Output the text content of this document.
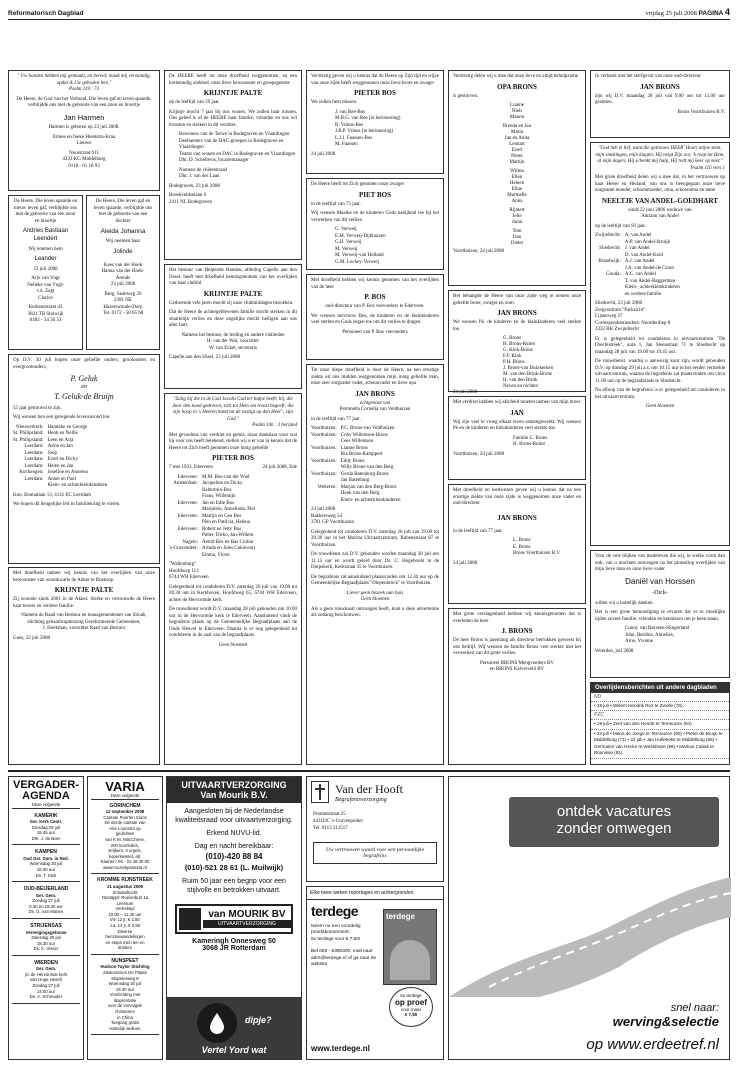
Reformatorisch Dagblad	vrijdag 25 juli 2008 PAGINA 4
" Uw handen hebben mij gemaakt, en bereid; maak mij verstandig, opdat ik Uw geboden lere."
Psalm 119 : 73
De Heere, de God van het Verbond, Die leven gaf en leven spaarde, verblijdde ons met de geboorte van een zoon en broertje
Jan Harmen
Harmen is geboren op 23 juli 2008.
Emiee en Ineke Hiemstra-Kraa
Lieuwe
Noorstraat 611
4333 KG Middelburg
0118 - 61 18 93
De Heere, Die leven spaarde en nieuw leven gaf, verblijdde ons met de geboorte van een zoon en broertje
Andries Bastiaan Leendert
Wij noemen hem
Leander
23 juli 2008
Arjo van Vugt
Nelleke van Vugt-
v.d. Zugt
Clarice
Kerkensstraat 43
3821 TB Stolwijk
0182 - 34 30 33
De Heere, Die leven gaf en leven spaarde, verblijdde ons met de geboorte van een dochter
Aleida Johanna
Wij noemen haar
Jolinde
Kees van der Hoek
Hanna van der Hoek-
Arends
23 juli 2008
Burg. Sealtweg 20
2391 NE
Hazerswoude-Dorp
Tel. 0172 - 58 65 68
Op D.V. 30 juli hopen onze geliefde ouders, grootouders en overgrootouders,
P. Geluk
en
T. Geluk-de Bruijn
55 jaar getrouwd te zijn.
Wij wensen hen een gezegende levensavond toe.
Nieuwerkerk:	Hanneke en George
St. Philipsland:	Henk en Nellie
St. Philipsland:	Leen en Arja
Leerdam:	Adrie en Jan
Leerdam:	Joop
Leerdam:	Evert en Dicky
Leerdam:	Helen en Jan
Kockengen:	Josefine en Annerea
Leerdam:	Annet en Paul
	Klein- en achterkleinkinderen
Kon. Emmalaan 13, 4141 EC Leerdam
We hopen dit heugelijke feit in familiekring te vieren.
Met droefheid namen wij kennis van het overlijden van onze bewoonster van woonlocatie de Akker te Boskoop
KRIJNTJE PALTE
Zij woonde sinds 2001 in de Akker. Sterke en vertrouwde de Heere haar broers en verdere familie.
Namens de Raad van Bestuur en managementteam van Siloah, stichting gehandicaptenzorg Gereformeerde Gemeenten,
J. Hoekman, voorzitter Raad van Bestuur
Goes, 22 juli 2008
De HEERE heeft tot onze droefheid weggenomen, na een kortstondig ziekbed, onze lieve bewoonster en groepsgenote
KRIJNTJE PALTE
op de leeftijd van 59 jaar.
Krijntje mocht 7 jaar bij ons wonen. We zullen haar missen. Ons gebed is of de HEERE haar familie, vrienden en ons wil troosten en sterken in dit verdriet.
Bewoners van de Tarwe in Bodegraven en Vlaardingen
Deelnemers van de DAC-groepen in Bodegraven en Vlaardingen
Teams van wonen en DAC in Bodegraven en Vlaardingen
Dhr. D. Schellevis, locatiemanager
Namens de cliëntenraad
Dhr. J. van der Laan
Bodegraven, 23 juli 2008
Broekveldselaan 6
2411 NL Bodegraven
Het bestuur van Helpende Handen, afdeling Capelle aan den IJssel, heeft met droefheid kennisgenomen van het overlijden van haar clublid
KRIJNTJE PALTE
Gedurende vele jaren mocht zij onze clubmiddagen bezoeken.
Dat de Heere de achtergeblevenen familie mocht sterken in dit smartelijk verlies en deze ongelijke mocht heiligen aan ons aller hart.
Namens het bestuur, de leiding en andere clubleden
H. van der Wal, voorzitter
W. van Eckel, secretaris
Capelle aan den IJssel, 23 juli 2008
"Zalig hij die in de God Jacobs God ter hulpe heeft; hij, die door den nood gedreven, zich tot Hem om troost begeeft; die zijn hoop in 's Heeren hand tot de vastigt op den Heer", zijn God."
Psalm 146 : 3 berijmd
Met gevoelens van verdriet en gemis, maar dankbaar voor wat hij voor ons heeft betekend, stellen wij u er van in kennis dat de Heere tot Zich heeft genomen onze innig geliefde
PIETER BOS
7 mei 1933, Ederveen	24 juli 2008, Ede
Ederveen:	M.M. Bos-van der Wiel
Amsterdam:	Jacquelien en Dicky
	Baltermin-Bos
	Frans, Willemijn
Ederveen:	Jan en Edie Bos
	Marjolein, Annelinda, Piet
Ederveen:	Martijn en Gea Bos
	Pien en Patricia, Helena
Ederveen:	Robert en Jetty Bos
	Pieter, Dirko, Jan-Willem
Nagele:	Astrid Bos en Bas Crobar
's-Gravendeel:	Arinda en Jules Cukiewart
	Emma, Victor
"Wallenburg"
Hoofdweg 113
6744 WH Ederveen
Gelegenheid tot condoleren D.V. zaterdag 26 juli van 19.00 tot 20.30 uur in Kerkhoven, Hoofdweg 65, 6744 WH Ederveen, achter de Hervormde kerk.
De rouwdienst wordt D.V. maandag 28 juli gehouden om 10.00 uur in de Hervormde kerk te Ederveen. Aansluitend vindt de begrafenis plaats op de Gemeentelijke Begraafplaats aan de Oude Heuvel te Ederveen. Daarna is er nog gelegenheid tot condoleren in de zaal van de begraafplaats.
Geen bloemen
Verdrietig geven wij u kennis dat de Heere op Zijn tijd en wijze van onze zijde heeft weggenomen onze lieve broer en zwager
PIETER BOS
We zullen hem missen.
J. van Ree-Bos
M.R.G. van Ree (in herinnering)
B. Vriens-Bos
J.B.P. Vriens (in herinnering)
L.J.J. Faassen-Bos
M. Faassen
24 juli 2008
De Heere heeft tot Zich genomen onze zwager
PIET BOS
in de leeftijd van 75 jaar.
Wij wensen Maaike en de kinderen Gods nabijheid toe bij het verwerken van dit verlies.
G. Verweij
E.M. Verweij-Dijkhuizen
G.H. Verweij
M. Verweij
M. Verweij-van Holland
G.M. Lockey-Verweij
Met droefheid hebben wij kennis genomen van het overlijden van de heer
P. BOS
oud-directeur van P. Bos veevoeders te Ederveen.
We wensen mevrouw Bos, de kinderen en de kleinkinderen veel sterkte en Gods zegen toe om dit verlies te dragen.
Personeel van P. Bos veevoeders
Tot onze diepe droefheid is door de Heere, na een ernstige ziekte uit ons midden weggenomen mijn innig geliefde man, onze zeer zorgzame vader, schoonvader en lieve opa
JAN BRONS
echtgenoot van
Petronella Cornelia van Veldhuizen
in de leeftijd van 77 jaar.
Voorthuizen:	P.C. Brons-van Veldhuizen
Voorthuizen:	Coby Willemsen-Brons
	Cees Willemsen
Voorthuizen:	Lianne Brons
	Ria Brons-Kamppert
Voorthuizen:	Eddy Brons
	Willy Brons-van den Berg
Voorthuizen:	Gerda Batenburg-Brons
	Jan Batenburg
Wekeren:	Marjan van den Berg-Brons
	Henk van den Berg
	Klein- en achterkleinkinderen
24 juli 2008
Bakkersweg 54
3781 GP Voorthuizen
Gelegenheid tot condoleren D.V. zaterdag 26 juli van 19.00 tot 20.30 uur in het Moruta Uitvaartcentrum, Rubensstraat 87 te Voorthuizen.
De rouwdienst zal D.V. gehouden worden maandag 28 juli om 11.15 uur en wordt geleid door Ds. C. Hogeboom in de Dorpskerk, Kerkstraat 35 te Voorthuizen.
De begrafenis zal aansluitend plaatsvinden om 12.30 uur op de Gemeentelijke Begraafplaats "Diepenbrock" te Voorthuizen.
Liever geen bezoek aan huis
Geen bloemen
Als u geen rouwkaart ontvangen heeft, kunt u deze advertentie als zodanig beschouwen.
Verdrietig delen wij u mee dat onze lieve en altijd behulpzame
OPA BRONS
is gestorven.
Lianne
Niels
Manon
Brenda en Jan
Maria
Jan en Anita
Lennart
Evert
Pieter
Martijn
Wilma
Ellen
Heleen
Eline
Martnelle
Anna
Rijmert
Jelle
Jaran
Tom
Dan
Dieter
Voorthuizen, 24 juli 2008
Het behangde de Heere van onze zijde weg te nemen onze geliefde broer, zwager en oom
JAN BRONS
We wensen Pé, de kinderen en de kleinkinderen veel sterkte toe.
G. Brons
H. Brons-Ruiter
G. Klok-Brons
F.F. Klok
P.H. Brons
J. Brons-van Duinkerken
M. van den Brink-Brons
H. van den Brink
Neven en nichten
24 juli 2008
Met verdriet hebben wij afscheid moeten nemen van mijn broer
JAN
Wij zijn veel te vroeg elkaar leven samengewerkt. Wij wensen Pé en de kinderen en kleinkinderen veel sterkte toe.
Familie C. Brons
H. Brons-Ruiter
Voorthuizen, 24 juli 2008
Met droefheid en leedwezen geven wij u kennis dat na een ernstige ziekte van onze zijde is weggenomen onze vader en oud-directeur
JAN BRONS
in de leeftijd van 77 jaar.
L. Brons
E. Brons
Brons Voorthuizen B.V.
24 juli 2008
Met grote verslagenheid hebben wij kennisgenomen dat is overleden de heer
J. BRONS
De heer Brons is jarenlang als directeur betrokken geweest bij ons bedrijf. Wij wensen de familie Brons veel sterkte met het verwerken van dit grote verlies.
Personeel BRONS Mengvoeders BV
en BRONS Kalverveld BV
In verband met het sterfgeval van onze oud-directeur
JAN BRONS
zijn wij D.V. maandag 28 juli van 9.00 uur tot 15.00 uur gesloten.
Brons Voorthuizen B.V.
"God heb ik lief, want die getrouwe HEER' Hoort mijne stem, mijn smekingen, mijn klagen; Hij neigt Zijn oor, 'k roep tot Hem, al mijn dagen; Hij schenkt mij hulp, Hij redt mij keer op keer."
Psalm 116 vers 1
Met grote droefheid delen wij u mee dat, in het vertrouwen op haar Heere en Heiland, van ons is heengegaan onze lieve zorgzame moeder, schoonmoeder, oma, schoonoma en tante
NEELTJE VAN ANDEL-GOEDHART
sinds 22 juni 2006 weduwe van
Adriaan van Andel
op de leeftijd van 93 jaar.
Zwijndrecht:	A. van Andel
	A.P. van Andel-Struijk
Sliedrecht:	J. van Andel
	D. van Andel-Kool
Brandwijk:	A.J. van Andel
	J.A. van Andel-de Groot
Gouda:	A.C. van Andel
	T. van Andel-Baggerman
	Klein-, achterkleinkinderen
	en verdere familie
Sliedrecht, 23 juli 2008
Zorgcentrum "Parkzicht"
Lijsterweg 27
Correspondentieadres: Noorderdiep 8
3332 RK Zwijndrecht
Er is gelegenheid tot condoleren in uitvaartcentrum "De Drechtstreek", aula 1, Jan Steenstraat 71 te Sliedrecht op maandag 28 juli van 19.00 tot 19.45 uur.
De rouwdienst, waarbij u aanwezig kunt zijn, wordt gehouden D.V. op dinsdag 29 juli a.s. om 10.15 uur in het eerder vermelde uitvaartcentrum, waarna de begrafenis zal plaatsvinden om circa 11.00 uur op de begraafplaats te Sliedrecht.
Na afloop van de begrafenis is er gelegenheid tot condoleren in het uitvaartcentrum.
Geen bloemen
Voor de vele blijken van medeleven die wij, in welke vorm dan ook, van u mochten ontvangen na het plotseling overlijden van mijn lieve man en onze lieve vader
Daniël van Horssen
-Dick-
willen wij u hartelijk danken.
Het is een grote bemoediging te ervaren dat er in moeilijke tijden zoveel familie, vrienden en kennissen om je heen staan.
Conny van Horssen-Slingerland
John, Berdine, Annelies,
Arno, Yvonne
Woerden, juli 2008
Overlijdensberichten uit andere dagbladen
ND
• 19 juli • Willem Hendrik Ros te Zwolle (76).
PZC
• 19 juli • Zeel van den Hende te Terneuzen (94)
• 22 juli • Maria de Jonge te Terneuzen (90) • Pieter de Bruijn te Middelburg (71) • 22 juli • Jan Hollebeke te Middelburg (86) • Germaine van Hecke te Westdorpe (89) • Markus Cabak te Bruinisse (91).
VERGADER-
AGENDA
Deze volgende
KAMERIK
Ger. Kerk Centr.
Dinsdag 29 juli
19.45 uur
Dhr. J. de Boer
KAMPEN
Oud Ger. Gem. in Ned.
Woensdag 30 juli
19.30 uur
Ds. T. Klok
OUD-BEIJERLAND
Ger. Gem.
Zondag 27 juli
9.30 en 18.30 uur
Ds. G. van Manen
STRIJENSAS
Verenigingsgebouw
Zaterdag 26 juli
18.30 uur
Ds. K. Visser
WIERDEN
Ger. Gem.
(in de Hervormde kerk
van Hoge Hexel)
Zondag 27 juli
14.00 uur
Ds. A. Schreuder
VARIA
Deze volgende
GORINCHEM
12 september 2008
Cantate Poorten Sions
De derde cantate van
Arie Loonstra op
gedichten
van K.M. MacChene.
200 koorleden,
strijkers, 3 orgels,
koperkwintet, alt.
Kaarten: 06 - 22 48 30 80
www.muziekpastoria.nl
KROMME RIJNSTREEK
21 augustus 2008
Schuiteftocht
Opstappl: Roeienburt 1a
Leersum
Vertrektijd
10.00 – 11.30 uur
t/m 12 jr. € 2,50
v.a. 13 jr. € 3,50
Diverse
benzinewandelingen
en stops met rien en
drinken
NUNSPEET
Hudson Taylor Stichting
Zaalcentrum De Plaats
Elspeterweg 8
Woensdag 30 juli
19.30 uur
Voorlichting met
diaprentatie
over de vervolgde
christenen
in China
Toegang gratis
Hartelijk welkom
UITVAARTVERZORGING
Van Mourik B.V.
Aangesloten bij de Nederlandse kwaliteitsraad voor uitvaartverzorging.
Erkend NUVU-lid.
Dag en nacht bereikbaar:
(010)-420 88 84
(010)-521 28 61 (L. Muilwijk)
Ruim 50 jaar een begrip voor een stijlvolle en betrokken uitvaart.
van MOURIK BV
UITVAARTVERZORGING
Kameringh Onnesweg 50
3068 JR Rotterdam
dipje?
Vertel Yord wat
Van der Hooft
Begrafenisverzorging
Promenstraat 25
4431DC 's-Gravenpolder
Tel. 0113 311517
Uw vertrouwen waard voor een persoonlijke begrafenis
Elke twee weken reportages en achtergronden
terdege	terdege
Neem nu een voordelig
proefabonnement:
6x terdege voor € 7,50!
Bel 055 - 5390300, mail naar adm@terdege.nl of ga naar de website.
6x terdege
op proef
voor maar
€ 7,50
www.terdege.nl
ontdek vacatures
zonder omwegen
snel naar:
werving&selectie
op www.erdeetref.nl
